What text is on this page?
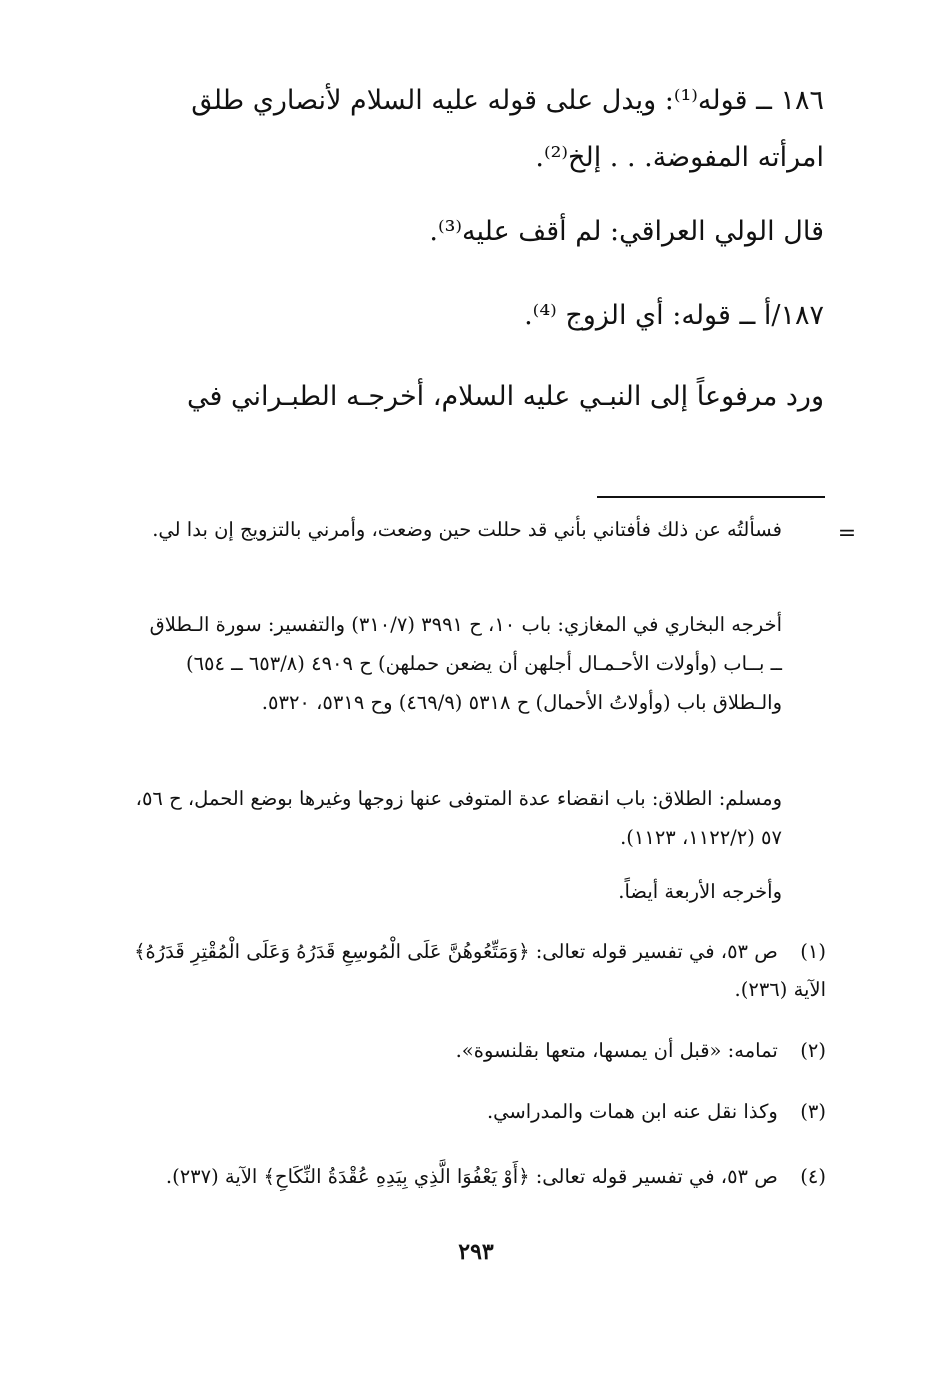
١٨٦ ــ قوله⁽¹⁾: ويدل على قوله عليه السلام لأنصاري طلق امرأته المفوضة. . . إلخ⁽²⁾.

قال الولي العراقي: لم أقف عليه⁽³⁾.

١٨٧/أ ــ قوله: أي الزوج ⁽⁴⁾.

ورد مرفوعاً إلى النبـي عليه السلام، أخرجـه الطبـراني في

=

فسألتُه عن ذلك فأفتاني بأني قد حللت حين وضعت، وأمرني بالتزويج إن بدا لي.

أخرجه البخاري في المغازي: باب ١٠، ح ٣٩٩١ (٣١٠/٧) والتفسير: سورة الـطلاق ــ بــاب (وأولات الأحـمـال أجلهن أن يضعن حملهن) ح ٤٩٠٩ (٦٥٣/٨ ــ ٦٥٤) والـطلاق باب (وأولاتُ الأحمال) ح ٥٣١٨ (٤٦٩/٩) وح ٥٣١٩، ٥٣٢٠.

ومسلم: الطلاق: باب انقضاء عدة المتوفى عنها زوجها وغيرها بوضع الحمل، ح ٥٦، ٥٧ (١١٢٢/٢، ١١٢٣).

وأخرجه الأربعة أيضاً.

(١) ص ٥٣، في تفسير قوله تعالى: ﴿وَمَتِّعُوهُنَّ عَلَى الْمُوسِعِ قَدَرُهُ وَعَلَى الْمُقْتِرِ قَدَرُهُ﴾ الآية (٢٣٦).

(٢) تمامه: «قبل أن يمسها، متعها بقلنسوة».

(٣) وكذا نقل عنه ابن همات والمدراسي.

(٤) ص ٥٣، في تفسير قوله تعالى: ﴿أَوْ يَعْفُوَا الَّذِي بِيَدِهِ عُقْدَةُ النِّكَاحِ﴾ الآية (٢٣٧).

٢٩٣
